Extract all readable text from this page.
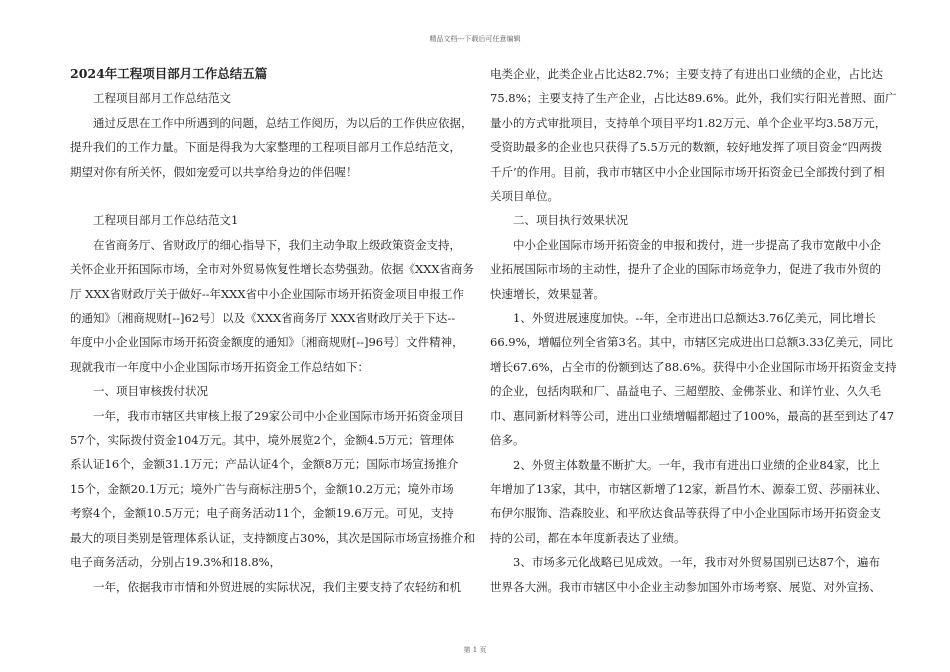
精品文档---下载后可任意编辑

2024年工程项目部月工作总结五篇

工程项目部月工作总结范文

通过反思在工作中所遇到的问题，总结工作阅历，为以后的工作供应依据，

提升我们的工作力量。下面是得我为大家整理的工程项目部月工作总结范文，

期望对你有所关怀，假如宠爱可以共享给身边的伴侣喔！

工程项目部月工作总结范文1

在省商务厅、省财政厅的细心指导下，我们主动争取上级政策资金支持，

关怀企业开拓国际市场，全市对外贸易恢复性增长态势强劲。依据《XXX省商务

厅 XXX省财政厅关于做好--年XXX省中小企业国际市场开拓资金项目申报工作

的通知》〔湘商规财[--]62号〕以及《XXX省商务厅 XXX省财政厅关于下达--

年度中小企业国际市场开拓资金额度的通知》〔湘商规财[--]96号〕文件精神，

现就我市一年度中小企业国际市场开拓资金工作总结如下：

一、项目审核拨付状况

一年，我市市辖区共审核上报了29家公司中小企业国际市场开拓资金项目

57个，实际拨付资金104万元。其中，境外展览2个，金额4.5万元；管理体

系认证16个，金额31.1万元；产品认证4个，金额8万元；国际市场宣扬推介

15个，金额20.1万元；境外广告与商标注册5个，金额10.2万元；境外市场

考察4个，金额10.5万元；电子商务活动11个，金额19.6万元。可见，支持

最大的项目类别是管理体系认证，支持额度占30%，其次是国际市场宣扬推介和

电子商务活动，分别占19.3%和18.8%，

一年，依据我市市情和外贸进展的实际状况，我们主要支持了农轻纺和机

电类企业，此类企业占比达82.7%；主要支持了有进出口业绩的企业，占比达

75.8%；主要支持了生产企业，占比达89.6%。此外，我们实行阳光普照、面广

量小的方式审批项目，支持单个项目平均1.82万元、单个企业平均3.58万元，

受资助最多的企业也只获得了5.5万元的数额，较好地发挥了项目资金“四两拨

千斤’的作用。目前，我市市辖区中小企业国际市场开拓资金已全部拨付到了相

关项目单位。

二、项目执行效果状况

中小企业国际市场开拓资金的申报和拨付，进一步提高了我市宽敞中小企

业拓展国际市场的主动性，提升了企业的国际市场竞争力，促进了我市外贸的

快速增长，效果显著。

1、外贸进展速度加快。--年，全市进出口总额达3.76亿美元，同比增长

66.9%，增幅位列全省第3名。其中，市辖区完成进出口总额3.33亿美元，同比

增长67.6%，占全市的份额到达了88.6%。获得中小企业国际市场开拓资金支持

的企业，包括肉联和厂、晶益电子、三超塑胶、金佛茶业、和详竹业、久久毛

巾、惠同新材料等公司，进出口业绩增幅都超过了100%，最高的甚至到达了47

倍多。

2、外贸主体数量不断扩大。一年，我市有进出口业绩的企业84家，比上

年增加了13家，其中，市辖区新增了12家，新昌竹木、源泰工贸、莎丽袜业、

布伊尔服饰、浩森胶业、和平欣达食品等获得了中小企业国际市场开拓资金支

持的公司，都在本年度新表达了业绩。

3、市场多元化战略已见成效。一年，我市对外贸易国别已达87个，遍布

世界各大洲。我市市辖区中小企业主动参加国外市场考察、展览、对外宣扬、

第 1 页
